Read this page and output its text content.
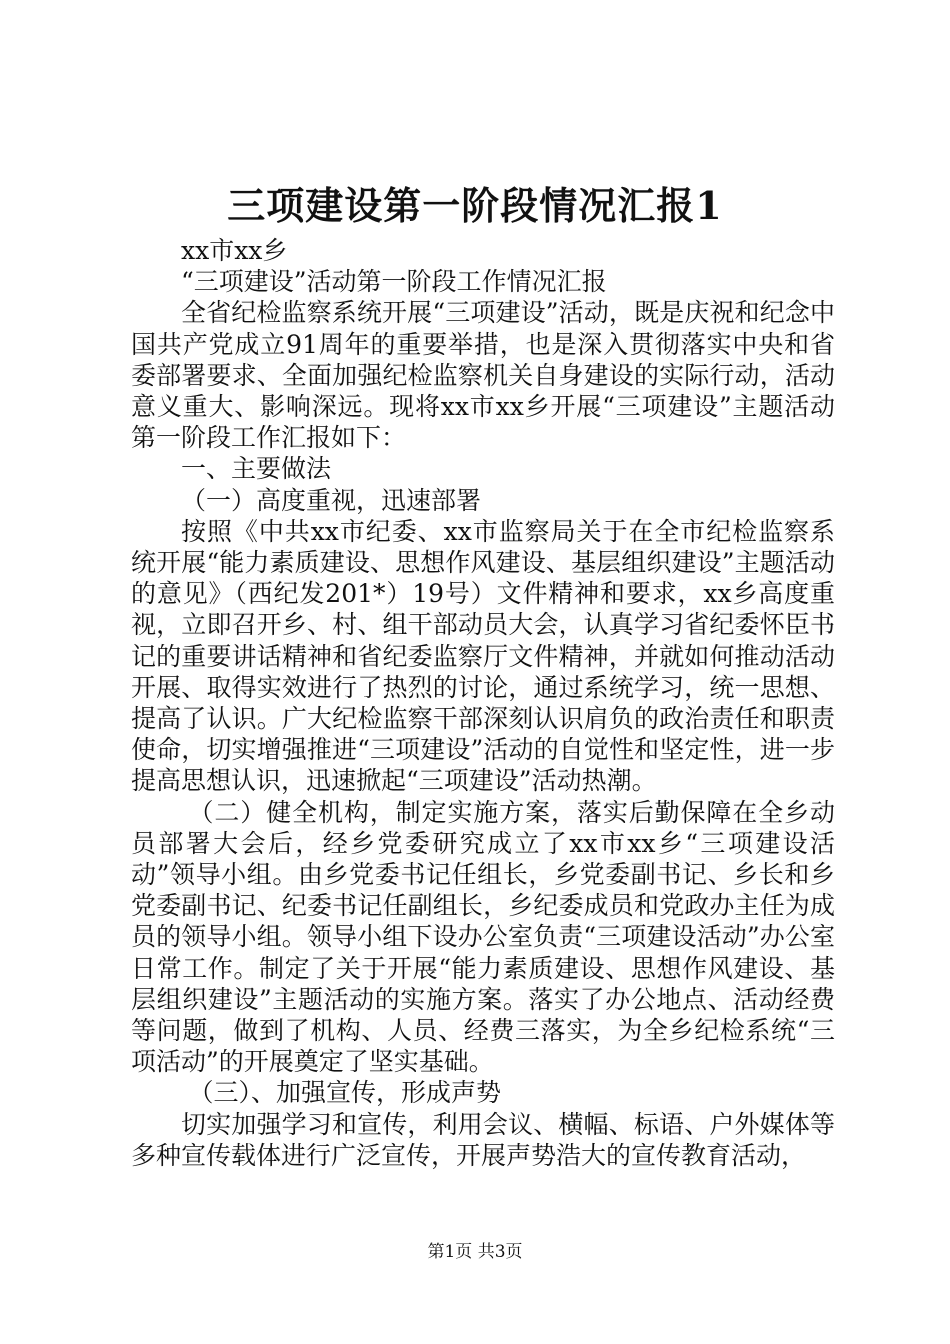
三项建设第一阶段情况汇报1

xx市xx乡

“三项建设”活动第一阶段工作情况汇报

全省纪检监察系统开展“三项建设”活动，既是庆祝和纪念中国共产党成立91周年的重要举措，也是深入贯彻落实中央和省委部署要求、全面加强纪检监察机关自身建设的实际行动，活动意义重大、影响深远。现将xx市xx乡开展“三项建设”主题活动第一阶段工作汇报如下：

一、主要做法

（一）高度重视，迅速部署

按照《中共xx市纪委、xx市监察局关于在全市纪检监察系统开展“能力素质建设、思想作风建设、基层组织建设”主题活动的意见》（西纪发201*）19号）文件精神和要求，xx乡高度重视，立即召开乡、村、组干部动员大会，认真学习省纪委怀臣书记的重要讲话精神和省纪委监察厅文件精神，并就如何推动活动开展、取得实效进行了热烈的讨论，通过系统学习，统一思想、提高了认识。广大纪检监察干部深刻认识肩负的政治责任和职责使命，切实增强推进“三项建设”活动的自觉性和坚定性，进一步提高思想认识，迅速掀起“三项建设”活动热潮。

（二）健全机构，制定实施方案，落实后勤保障在全乡动员部署大会后，经乡党委研究成立了xx市xx乡“三项建设活动”领导小组。由乡党委书记任组长，乡党委副书记、乡长和乡党委副书记、纪委书记任副组长，乡纪委成员和党政办主任为成员的领导小组。领导小组下设办公室负责“三项建设活动”办公室日常工作。制定了关于开展“能力素质建设、思想作风建设、基层组织建设”主题活动的实施方案。落实了办公地点、活动经费等问题，做到了机构、人员、经费三落实，为全乡纪检系统“三项活动”的开展奠定了坚实基础。

（三）、加强宣传，形成声势

切实加强学习和宣传，利用会议、横幅、标语、户外媒体等多种宣传载体进行广泛宣传，开展声势浩大的宣传教育活动，

第1页 共3页
